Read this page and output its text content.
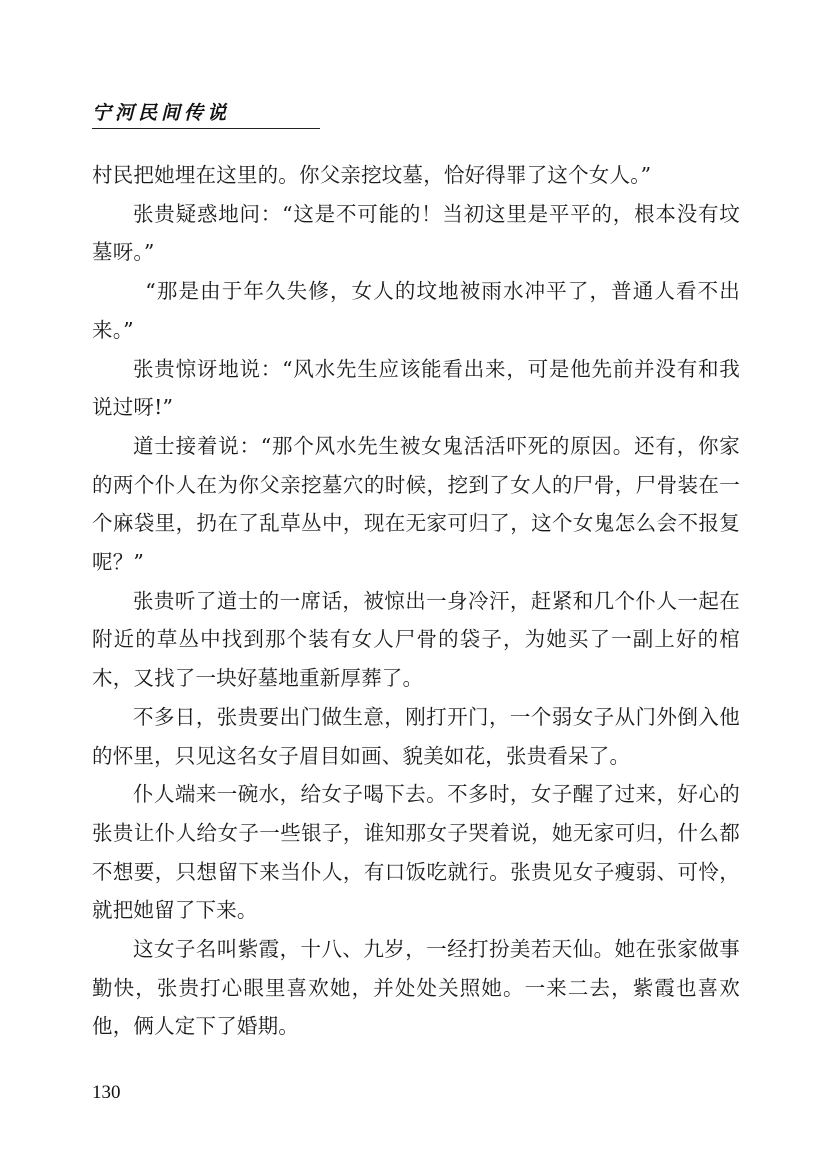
宁河民间传说

村民把她埋在这里的。你父亲挖坟墓，恰好得罪了这个女人。”

张贵疑惑地问：“这是不可能的！当初这里是平平的，根本没有坟墓呀。”

“那是由于年久失修，女人的坟地被雨水冲平了，普通人看不出来。”

张贵惊讶地说：“风水先生应该能看出来，可是他先前并没有和我说过呀!”

道士接着说：“那个风水先生被女鬼活活吓死的原因。还有，你家的两个仆人在为你父亲挖墓穴的时候，挖到了女人的尸骨，尸骨装在一个麻袋里，扔在了乱草丛中，现在无家可归了，这个女鬼怎么会不报复呢？”

张贵听了道士的一席话，被惊出一身冷汗，赶紧和几个仆人一起在附近的草丛中找到那个装有女人尸骨的袋子，为她买了一副上好的棺木，又找了一块好墓地重新厚葬了。

不多日，张贵要出门做生意，刚打开门，一个弱女子从门外倒入他的怀里，只见这名女子眉目如画、貌美如花，张贵看呆了。

仆人端来一碗水，给女子喝下去。不多时，女子醒了过来，好心的张贵让仆人给女子一些银子，谁知那女子哭着说，她无家可归，什么都不想要，只想留下来当仆人，有口饭吃就行。张贵见女子瘦弱、可怜，就把她留了下来。

这女子名叫紫霞，十八、九岁，一经打扮美若天仙。她在张家做事勤快，张贵打心眼里喜欢她，并处处关照她。一来二去，紫霞也喜欢他，俩人定下了婚期。

130
